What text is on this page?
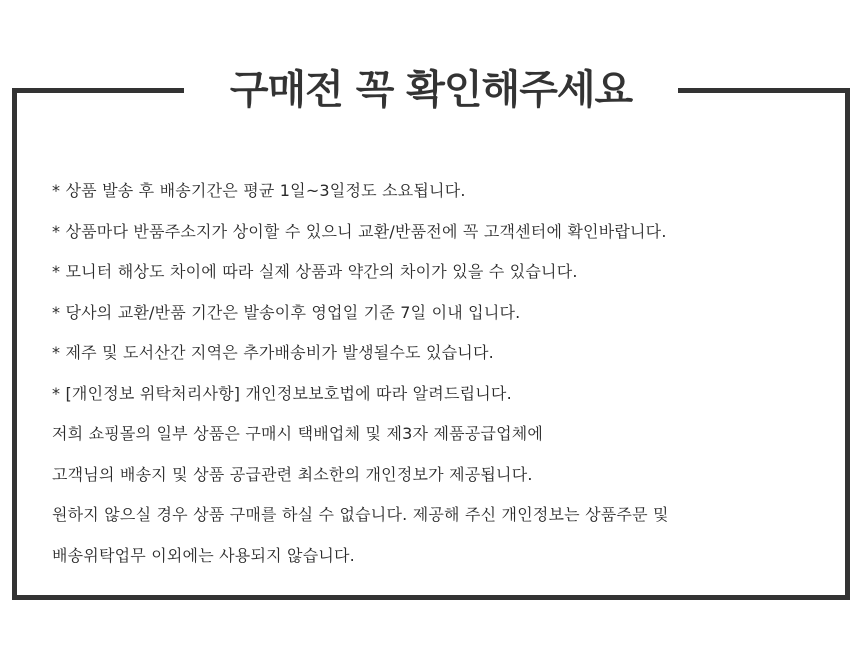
구매전 꼭 확인해주세요
* 상품 발송 후 배송기간은 평균 1일~3일정도 소요됩니다.
* 상품마다 반품주소지가 상이할 수 있으니 교환/반품전에 꼭 고객센터에 확인바랍니다.
* 모니터 해상도 차이에 따라 실제 상품과 약간의 차이가 있을 수 있습니다.
* 당사의 교환/반품 기간은 발송이후 영업일 기준 7일 이내 입니다.
* 제주 및 도서산간 지역은 추가배송비가 발생될수도 있습니다.
* [개인정보 위탁처리사항] 개인정보보호법에 따라 알려드립니다.
저희 쇼핑몰의 일부 상품은 구매시 택배업체 및 제3자 제품공급업체에
고객님의 배송지 및 상품 공급관련 최소한의 개인정보가 제공됩니다.
원하지 않으실 경우 상품 구매를 하실 수 없습니다. 제공해 주신 개인정보는 상품주문 및
배송위탁업무 이외에는 사용되지 않습니다.
